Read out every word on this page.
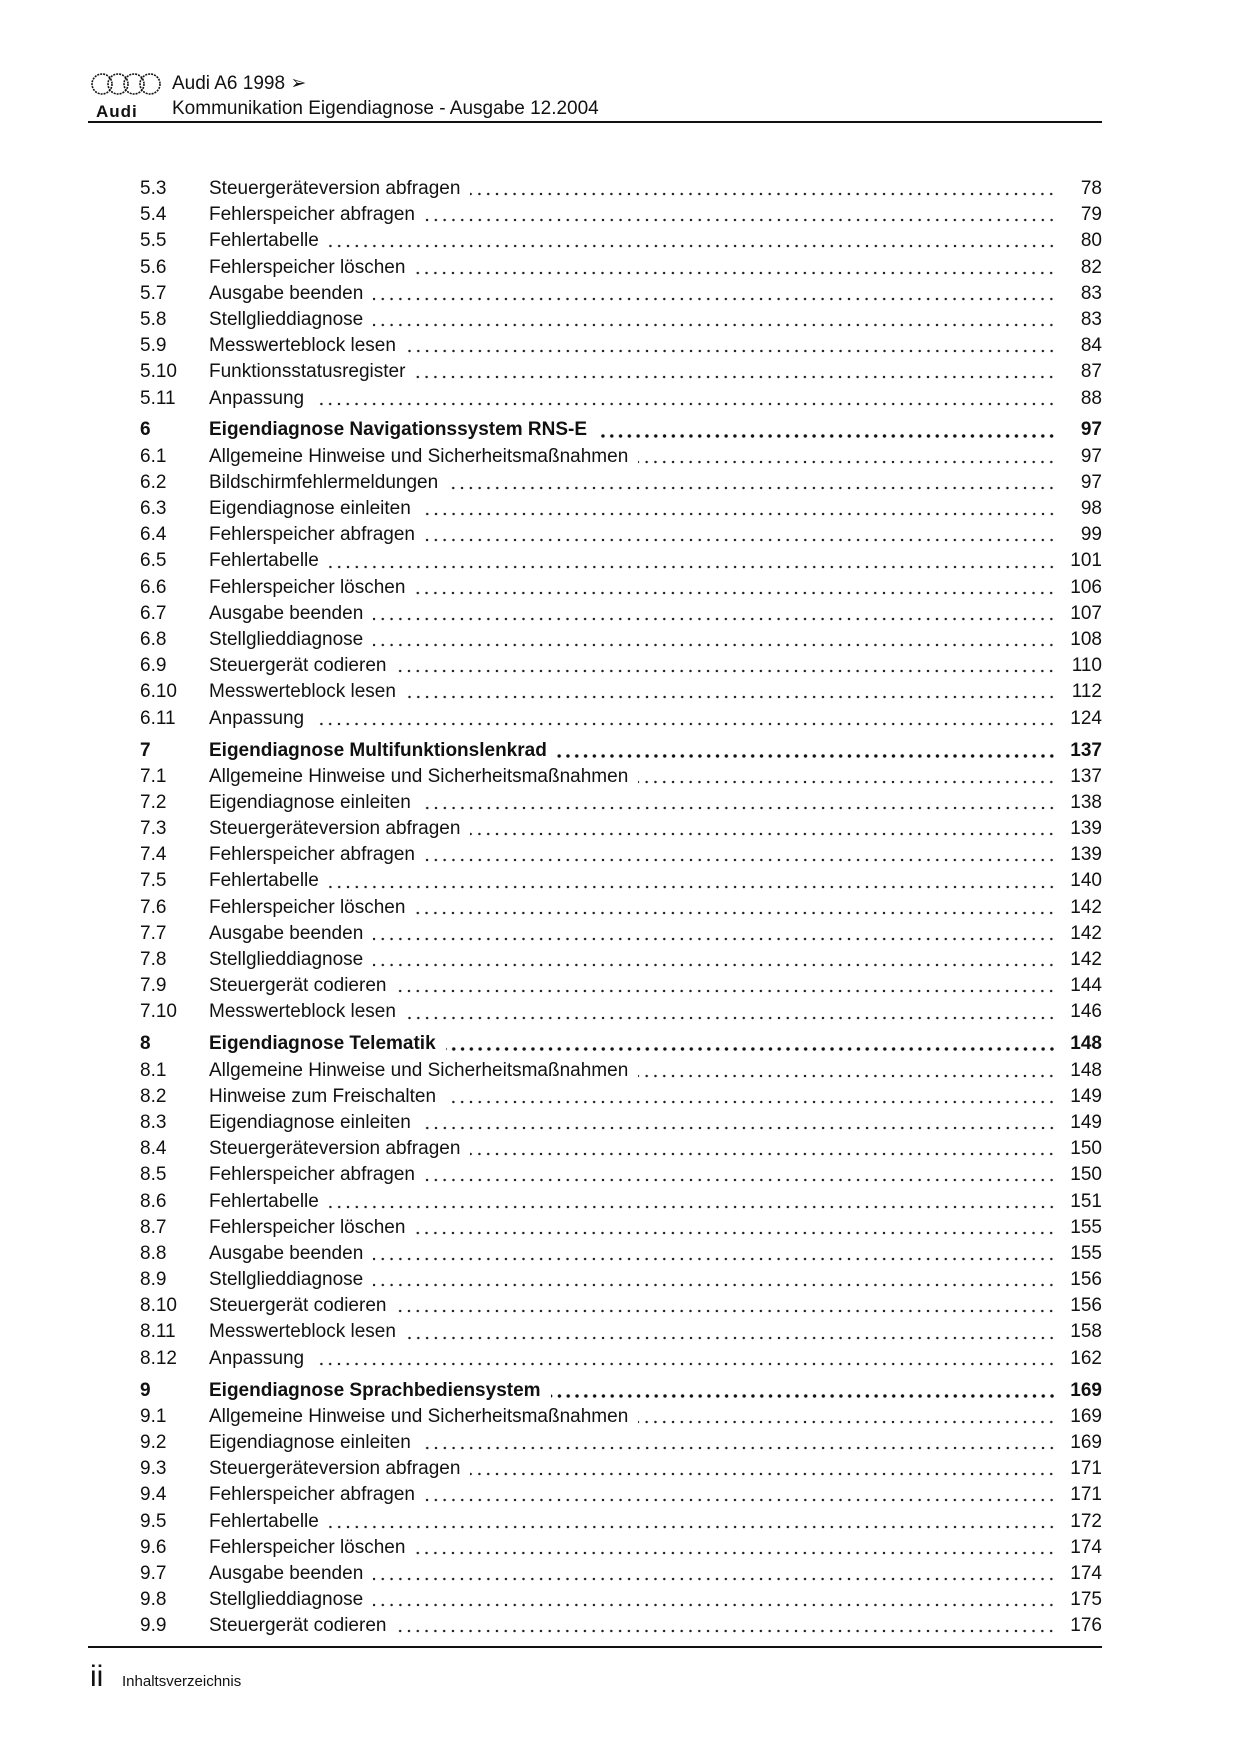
Audi
Audi A6 1998 ➢
Kommunikation Eigendiagnose - Ausgabe 12.2004
5.3	Steuergeräteversion abfragen	78
5.4	Fehlerspeicher abfragen	79
5.5	Fehlertabelle	80
5.6	Fehlerspeicher löschen	82
5.7	Ausgabe beenden	83
5.8	Stellglieddiagnose	83
5.9	Messwerteblock lesen	84
5.10	Funktionsstatusregister	87
5.11	Anpassung	88
6	Eigendiagnose Navigationssystem RNS-E	97
6.1	Allgemeine Hinweise und Sicherheitsmaßnahmen	97
6.2	Bildschirmfehlermeldungen	97
6.3	Eigendiagnose einleiten	98
6.4	Fehlerspeicher abfragen	99
6.5	Fehlertabelle	101
6.6	Fehlerspeicher löschen	106
6.7	Ausgabe beenden	107
6.8	Stellglieddiagnose	108
6.9	Steuergerät codieren	110
6.10	Messwerteblock lesen	112
6.11	Anpassung	124
7	Eigendiagnose Multifunktionslenkrad	137
7.1	Allgemeine Hinweise und Sicherheitsmaßnahmen	137
7.2	Eigendiagnose einleiten	138
7.3	Steuergeräteversion abfragen	139
7.4	Fehlerspeicher abfragen	139
7.5	Fehlertabelle	140
7.6	Fehlerspeicher löschen	142
7.7	Ausgabe beenden	142
7.8	Stellglieddiagnose	142
7.9	Steuergerät codieren	144
7.10	Messwerteblock lesen	146
8	Eigendiagnose Telematik	148
8.1	Allgemeine Hinweise und Sicherheitsmaßnahmen	148
8.2	Hinweise zum Freischalten	149
8.3	Eigendiagnose einleiten	149
8.4	Steuergeräteversion abfragen	150
8.5	Fehlerspeicher abfragen	150
8.6	Fehlertabelle	151
8.7	Fehlerspeicher löschen	155
8.8	Ausgabe beenden	155
8.9	Stellglieddiagnose	156
8.10	Steuergerät codieren	156
8.11	Messwerteblock lesen	158
8.12	Anpassung	162
9	Eigendiagnose Sprachbediensystem	169
9.1	Allgemeine Hinweise und Sicherheitsmaßnahmen	169
9.2	Eigendiagnose einleiten	169
9.3	Steuergeräteversion abfragen	171
9.4	Fehlerspeicher abfragen	171
9.5	Fehlertabelle	172
9.6	Fehlerspeicher löschen	174
9.7	Ausgabe beenden	174
9.8	Stellglieddiagnose	175
9.9	Steuergerät codieren	176
ii Inhaltsverzeichnis
